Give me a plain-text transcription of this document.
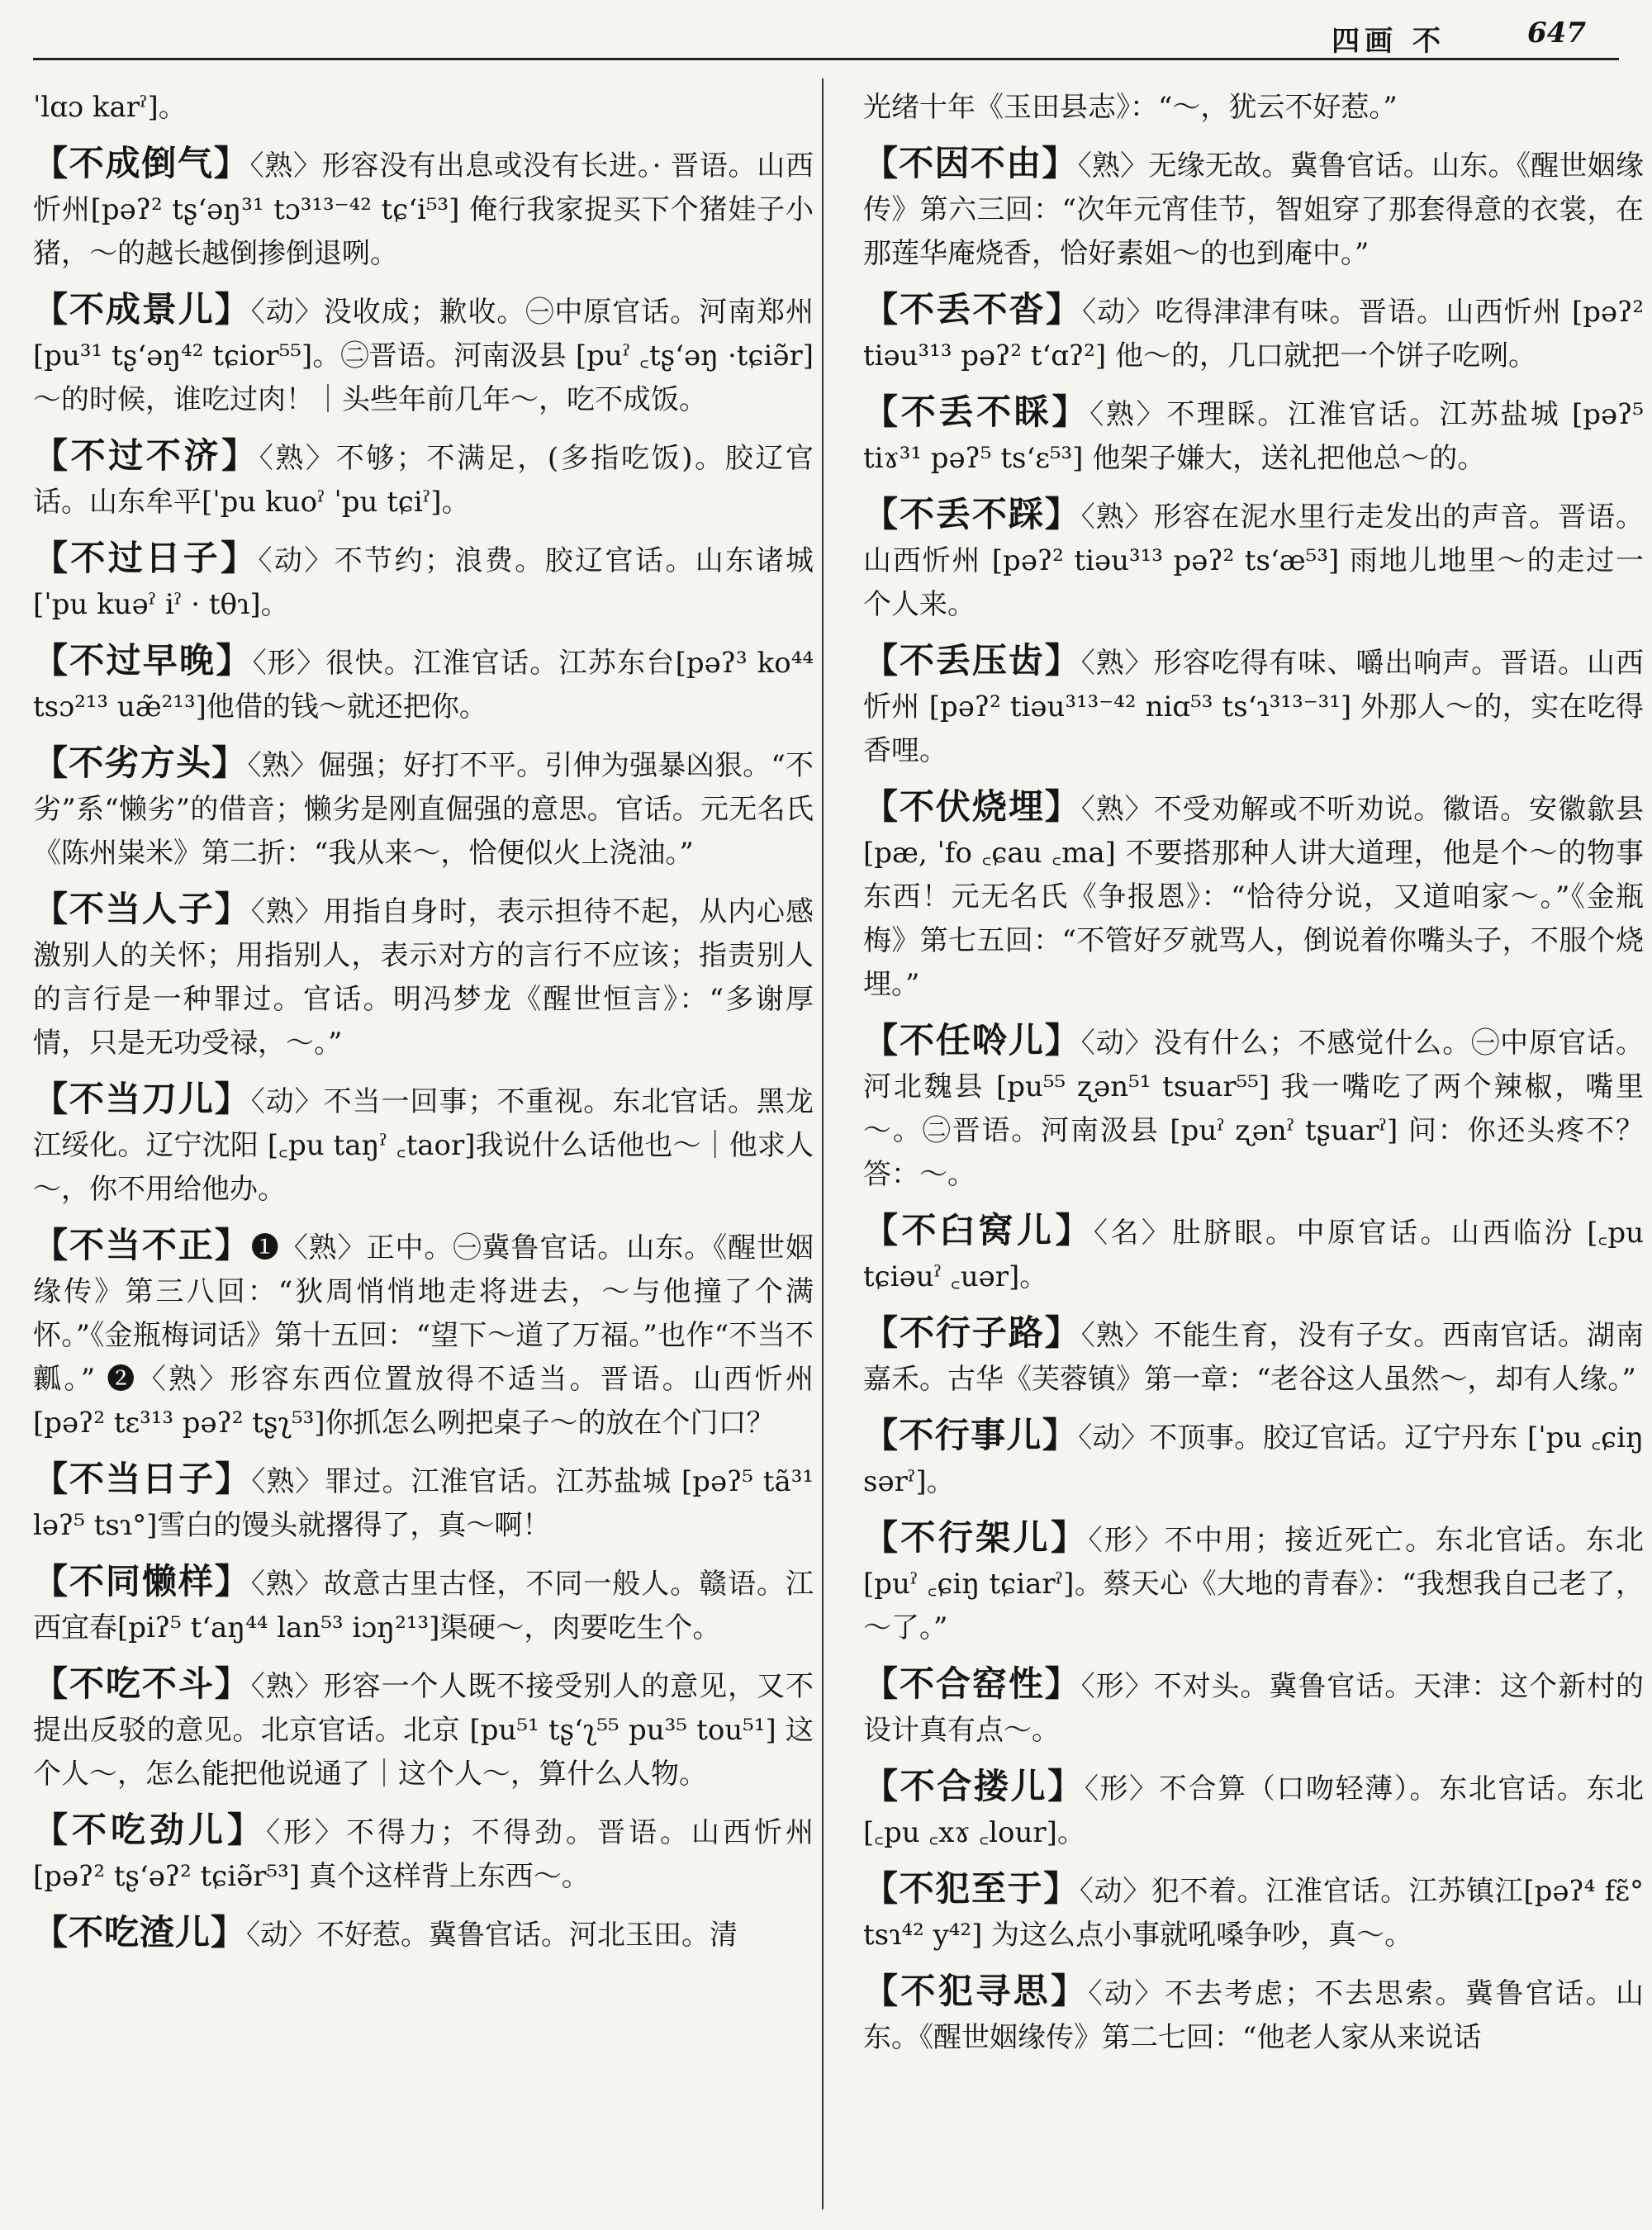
四画 不	647

ˈlɑɔ karˀ]。

【不成倒气】〈熟〉形容没有出息或没有长进。· 晋语。山西忻州[pəʔ² tʂʻəŋ³¹ tɔ³¹³⁻⁴² tɕʻi⁵³] 俺行我家捉买下个猪娃子小猪，～的越长越倒掺倒退咧。

【不成景儿】〈动〉没收成；歉收。㊀中原官话。河南郑州 [pu³¹ tʂʻəŋ⁴² tɕior⁵⁵]。㊁晋语。河南汲县 [puˀ ꜀tʂʻəŋ ·tɕiə̃r]～的时候，谁吃过肉！｜头些年前几年～，吃不成饭。

【不过不济】〈熟〉不够；不满足，(多指吃饭)。胶辽官话。山东牟平[ˈpu kuoˀ ˈpu tɕiˀ]。

【不过日子】〈动〉不节约；浪费。胶辽官话。山东诸城[ˈpu kuəˀ iˀ · tθɿ]。

【不过早晚】〈形〉很快。江淮官话。江苏东台[pəʔ³ ko⁴⁴ tsɔ²¹³ uæ̃²¹³]他借的钱～就还把你。

【不劣方头】〈熟〉倔强；好打不平。引伸为强暴凶狠。“不劣”系“懒劣”的借音；懒劣是刚直倔强的意思。官话。元无名氏《陈州粜米》第二折：“我从来～，恰便似火上浇油。”

【不当人子】〈熟〉用指自身时，表示担待不起，从内心感激别人的关怀；用指别人，表示对方的言行不应该；指责别人的言行是一种罪过。官话。明冯梦龙《醒世恒言》：“多谢厚情，只是无功受禄，～。”

【不当刀儿】〈动〉不当一回事；不重视。东北官话。黑龙江绥化。辽宁沈阳 [꜀pu taŋˀ ꜀taor]我说什么话他也～｜他求人～，你不用给他办。

【不当不正】❶〈熟〉正中。㊀冀鲁官话。山东。《醒世姻缘传》第三八回：“狄周悄悄地走将进去，～与他撞了个满怀。”《金瓶梅词话》第十五回：“望下～道了万福。”也作“不当不瓤。” ❷〈熟〉形容东西位置放得不适当。晋语。山西忻州 [pəʔ² tɛ³¹³ pəʔ² tʂʅ⁵³]你抓怎么咧把桌子～的放在个门口？

【不当日子】〈熟〉罪过。江淮官话。江苏盐城 [pəʔ⁵ tã³¹ ləʔ⁵ tsɿ°]雪白的馒头就撂得了，真～啊！

【不同懒样】〈熟〉故意古里古怪，不同一般人。赣语。江西宜春[piʔ⁵ tʻaŋ⁴⁴ lan⁵³ iɔŋ²¹³]渠硬～，肉要吃生个。

【不吃不斗】〈熟〉形容一个人既不接受别人的意见，又不提出反驳的意见。北京官话。北京 [pu⁵¹ tʂʻʅ⁵⁵ pu³⁵ tou⁵¹] 这个人～，怎么能把他说通了｜这个人～，算什么人物。

【不吃劲儿】〈形〉不得力；不得劲。晋语。山西忻州 [pəʔ² tʂʻəʔ² tɕiə̃r⁵³] 真个这样背上东西～。

【不吃渣儿】〈动〉不好惹。冀鲁官话。河北玉田。清

光绪十年《玉田县志》：“～，犹云不好惹。”

【不因不由】〈熟〉无缘无故。冀鲁官话。山东。《醒世姻缘传》第六三回：“次年元宵佳节，智姐穿了那套得意的衣裳，在那莲华庵烧香，恰好素姐～的也到庵中。”

【不丢不沓】〈动〉吃得津津有味。晋语。山西忻州 [pəʔ² tiəu³¹³ pəʔ² tʻɑʔ²] 他～的，几口就把一个饼子吃咧。

【不丢不睬】〈熟〉不理睬。江淮官话。江苏盐城 [pəʔ⁵ tiɤ³¹ pəʔ⁵ tsʻɛ⁵³] 他架子嫌大，送礼把他总～的。

【不丢不踩】〈熟〉形容在泥水里行走发出的声音。晋语。山西忻州 [pəʔ² tiəu³¹³ pəʔ² tsʻæ⁵³] 雨地儿地里～的走过一个人来。

【不丢压齿】〈熟〉形容吃得有味、嚼出响声。晋语。山西忻州 [pəʔ² tiəu³¹³⁻⁴² niɑ⁵³ tsʻɿ³¹³⁻³¹] 外那人～的，实在吃得香哩。

【不伏烧埋】〈熟〉不受劝解或不听劝说。徽语。安徽歙县 [pæ, ˈfo ꜀ɕau ꜀ma] 不要搭那种人讲大道理，他是个～的物事东西！元无名氏《争报恩》：“恰待分说，又道咱家～。”《金瓶梅》第七五回：“不管好歹就骂人，倒说着你嘴头子，不服个烧埋。”

【不任唥儿】〈动〉没有什么；不感觉什么。㊀中原官话。河北魏县 [pu⁵⁵ ʐən⁵¹ tsuar⁵⁵] 我一嘴吃了两个辣椒，嘴里～。㊁晋语。河南汲县 [puˀ ʐənˀ tʂuarˀ] 问：你还头疼不？答：～。

【不臼窝儿】〈名〉肚脐眼。中原官话。山西临汾 [꜀pu tɕiəuˀ ꜀uər]。

【不行子路】〈熟〉不能生育，没有子女。西南官话。湖南嘉禾。古华《芙蓉镇》第一章：“老谷这人虽然～，却有人缘。”

【不行事儿】〈动〉不顶事。胶辽官话。辽宁丹东 [ˈpu ꜀ɕiŋ sərˀ]。

【不行架儿】〈形〉不中用；接近死亡。东北官话。东北 [puˀ ꜀ɕiŋ tɕiarˀ]。蔡天心《大地的青春》：“我想我自己老了，～了。”

【不合窑性】〈形〉不对头。冀鲁官话。天津：这个新村的设计真有点～。

【不合搂儿】〈形〉不合算（口吻轻薄）。东北官话。东北 [꜀pu ꜀xɤ ꜀lour]。

【不犯至于】〈动〉犯不着。江淮官话。江苏镇江[pəʔ⁴ fɛ̃° tsɿ⁴² y⁴²] 为这么点小事就吼嗓争吵，真～。

【不犯寻思】〈动〉不去考虑；不去思索。冀鲁官话。山东。《醒世姻缘传》第二七回：“他老人家从来说话
